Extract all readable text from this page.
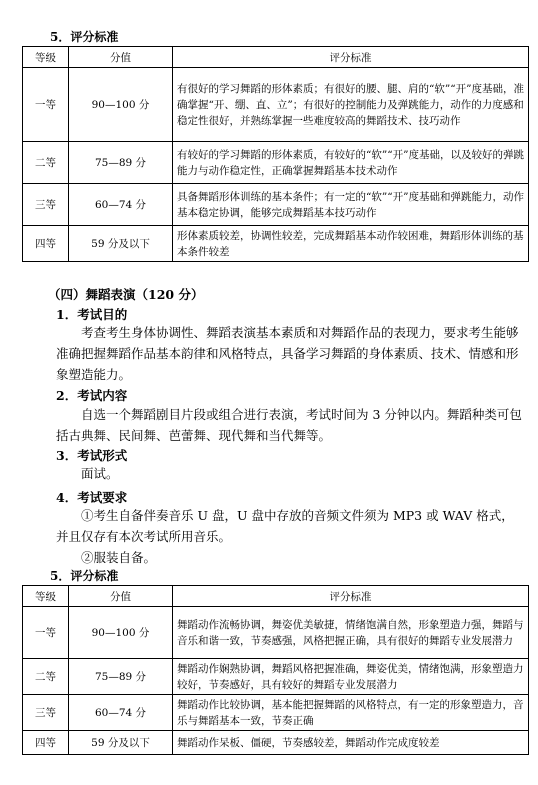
5．评分标准
等级	分值	评分标准
一等	90—100 分	有很好的学习舞蹈的形体素质；有很好的腰、腿、肩的“软”“开”度基础，准确掌握“开、绷、直、立”；有很好的控制能力及弹跳能力，动作的力度感和稳定性很好，并熟练掌握一些难度较高的舞蹈技术、技巧动作
二等	75—89 分	有较好的学习舞蹈的形体素质，有较好的“软”“开”度基础，以及较好的弹跳能力与动作稳定性，正确掌握舞蹈基本技术动作
三等	60—74 分	具备舞蹈形体训练的基本条件；有一定的“软”“开”度基础和弹跳能力，动作基本稳定协调，能够完成舞蹈基本技巧动作
四等	59 分及以下	形体素质较差，协调性较差，完成舞蹈基本动作较困难，舞蹈形体训练的基本条件较差
（四）舞蹈表演（120 分）
1．考试目的
考查考生身体协调性、舞蹈表演基本素质和对舞蹈作品的表现力，要求考生能够准确把握舞蹈作品基本韵律和风格特点，具备学习舞蹈的身体素质、技术、情感和形象塑造能力。
2．考试内容
自选一个舞蹈剧目片段或组合进行表演，考试时间为 3 分钟以内。舞蹈种类可包括古典舞、民间舞、芭蕾舞、现代舞和当代舞等。
3．考试形式
面试。
4．考试要求
①考生自备伴奏音乐 U 盘，U 盘中存放的音频文件须为 MP3 或 WAV 格式，并且仅存有本次考试所用音乐。
②服装自备。
5．评分标准
等级	分值	评分标准
一等	90—100 分	舞蹈动作流畅协调，舞姿优美敏捷，情绪饱满自然，形象塑造力强，舞蹈与音乐和谐一致，节奏感强，风格把握正确，具有很好的舞蹈专业发展潜力
二等	75—89 分	舞蹈动作娴熟协调，舞蹈风格把握准确，舞姿优美，情绪饱满，形象塑造力较好，节奏感好，具有较好的舞蹈专业发展潜力
三等	60—74 分	舞蹈动作比较协调，基本能把握舞蹈的风格特点，有一定的形象塑造力，音乐与舞蹈基本一致，节奏正确
四等	59 分及以下	舞蹈动作呆板、僵硬，节奏感较差，舞蹈动作完成度较差
